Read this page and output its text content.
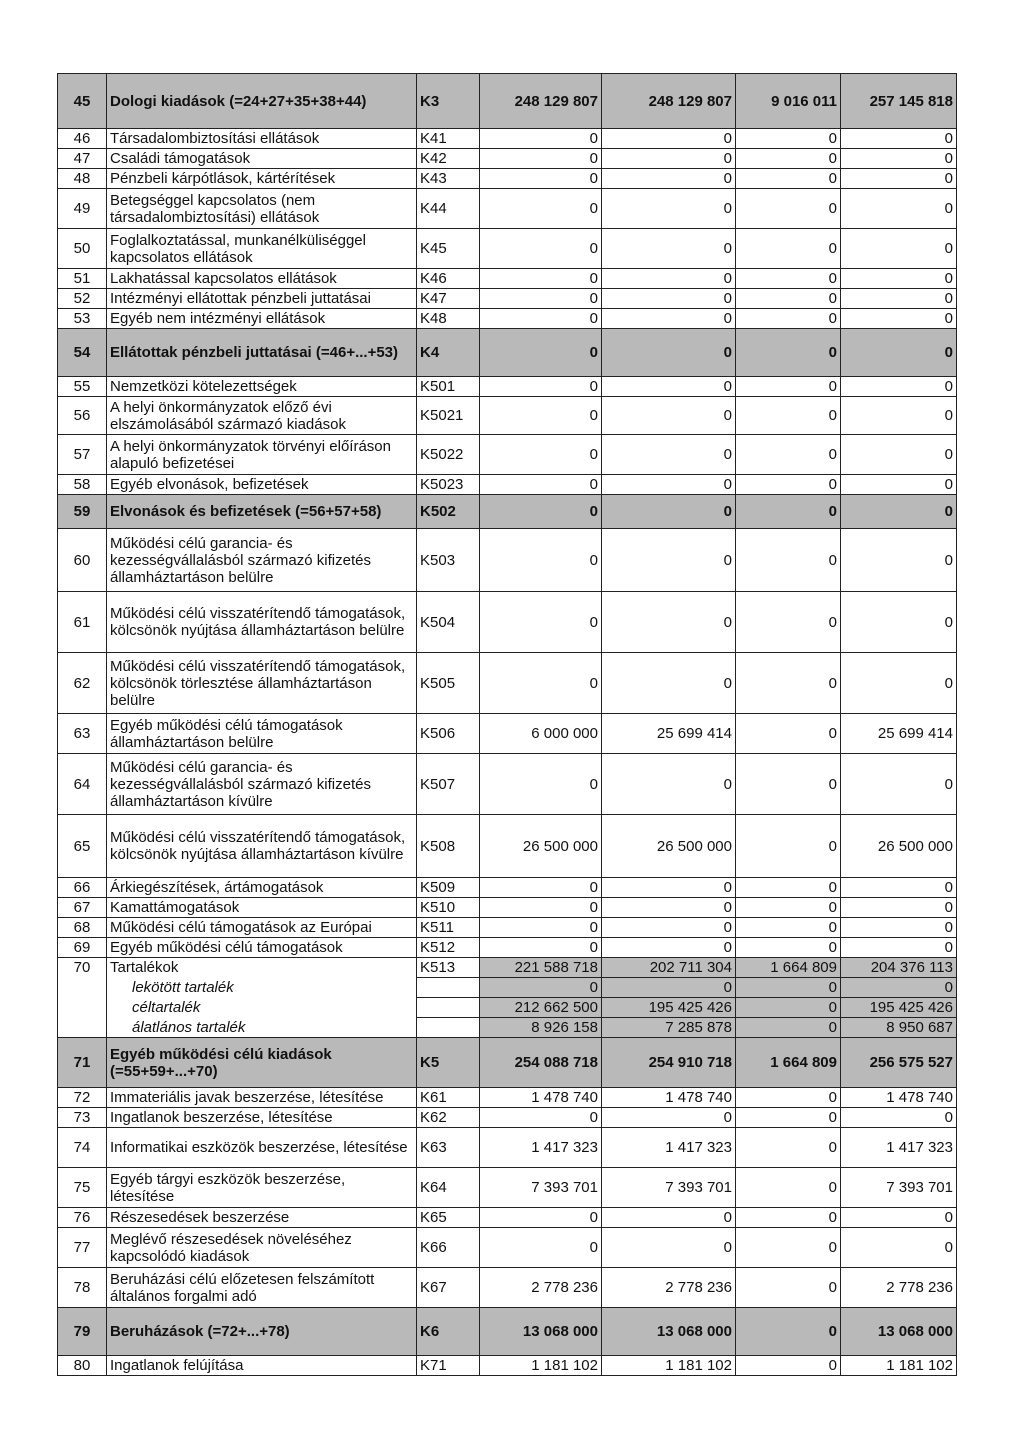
45	Dologi kiadások (=24+27+35+38+44)	K3	248 129 807	248 129 807	9 016 011	257 145 818
46	Társadalombiztosítási ellátások	K41	0	0	0	0
47	Családi támogatások	K42	0	0	0	0
48	Pénzbeli kárpótlások, kártérítések	K43	0	0	0	0
49	Betegséggel kapcsolatos (nem társadalombiztosítási) ellátások	K44	0	0	0	0
50	Foglalkoztatással, munkanélküliséggel kapcsolatos ellátások	K45	0	0	0	0
51	Lakhatással kapcsolatos ellátások	K46	0	0	0	0
52	Intézményi ellátottak pénzbeli juttatásai	K47	0	0	0	0
53	Egyéb nem intézményi ellátások	K48	0	0	0	0
54	Ellátottak pénzbeli juttatásai (=46+...+53)	K4	0	0	0	0
55	Nemzetközi kötelezettségek	K501	0	0	0	0
56	A helyi önkormányzatok előző évi elszámolásából származó kiadások	K5021	0	0	0	0
57	A helyi önkormányzatok törvényi előíráson alapuló befizetései	K5022	0	0	0	0
58	Egyéb elvonások, befizetések	K5023	0	0	0	0
59	Elvonások és befizetések (=56+57+58)	K502	0	0	0	0
60	Működési célú garancia- és kezességvállalásból származó kifizetés államháztartáson belülre	K503	0	0	0	0
61	Működési célú visszatérítendő támogatások, kölcsönök nyújtása államháztartáson belülre	K504	0	0	0	0
62	Működési célú visszatérítendő támogatások, kölcsönök törlesztése államháztartáson belülre	K505	0	0	0	0
63	Egyéb működési célú támogatások államháztartáson belülre	K506	6 000 000	25 699 414	0	25 699 414
64	Működési célú garancia- és kezességvállalásból származó kifizetés államháztartáson kívülre	K507	0	0	0	0
65	Működési célú visszatérítendő támogatások, kölcsönök nyújtása államháztartáson kívülre	K508	26 500 000	26 500 000	0	26 500 000
66	Árkiegészítések, ártámogatások	K509	0	0	0	0
67	Kamattámogatások	K510	0	0	0	0
68	Működési célú támogatások az Európai	K511	0	0	0	0
69	Egyéb működési célú támogatások	K512	0	0	0	0
70	Tartalékok	K513	221 588 718	202 711 304	1 664 809	204 376 113
	lekötött tartalék		0	0	0	0
	céltartalék		212 662 500	195 425 426	0	195 425 426
	álatlános tartalék		8 926 158	7 285 878	0	8 950 687
71	Egyéb működési célú kiadások (=55+59+...+70)	K5	254 088 718	254 910 718	1 664 809	256 575 527
72	Immateriális javak beszerzése, létesítése	K61	1 478 740	1 478 740	0	1 478 740
73	Ingatlanok beszerzése, létesítése	K62	0	0	0	0
74	Informatikai eszközök beszerzése, létesítése	K63	1 417 323	1 417 323	0	1 417 323
75	Egyéb tárgyi eszközök beszerzése, létesítése	K64	7 393 701	7 393 701	0	7 393 701
76	Részesedések beszerzése	K65	0	0	0	0
77	Meglévő részesedések növeléséhez kapcsolódó kiadások	K66	0	0	0	0
78	Beruházási célú előzetesen felszámított általános forgalmi adó	K67	2 778 236	2 778 236	0	2 778 236
79	Beruházások (=72+...+78)	K6	13 068 000	13 068 000	0	13 068 000
80	Ingatlanok felújítása	K71	1 181 102	1 181 102	0	1 181 102
